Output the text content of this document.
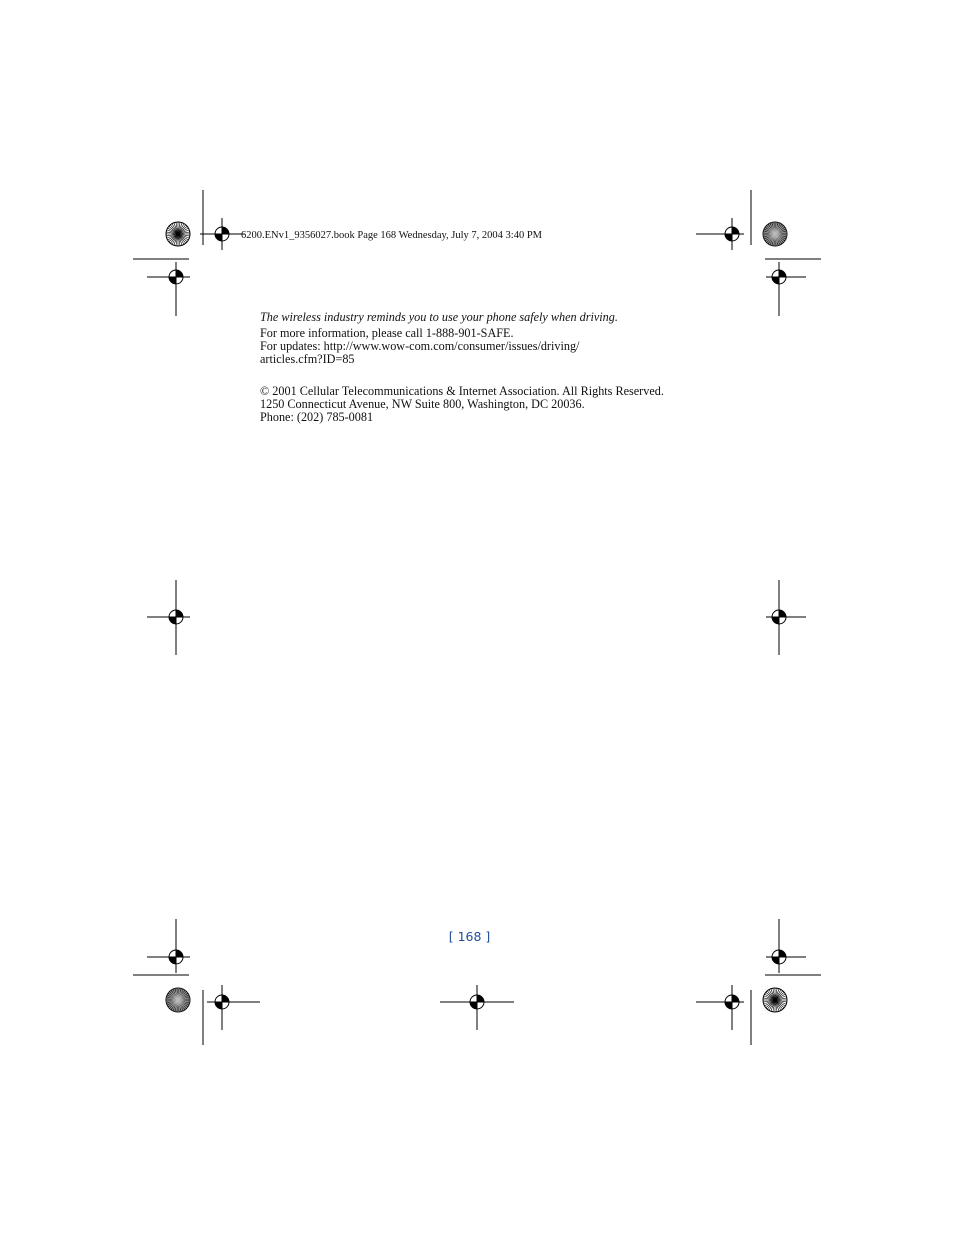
6200.ENv1_9356027.book Page 168 Wednesday, July 7, 2004 3:40 PM
The wireless industry reminds you to use your phone safely when driving.
For more information, please call 1-888-901-SAFE.
For updates: http://www.wow-com.com/consumer/issues/driving/
articles.cfm?ID=85
© 2001 Cellular Telecommunications & Internet Association. All Rights Reserved.
1250 Connecticut Avenue, NW Suite 800, Washington, DC 20036.
Phone: (202) 785-0081
[ 168 ]
